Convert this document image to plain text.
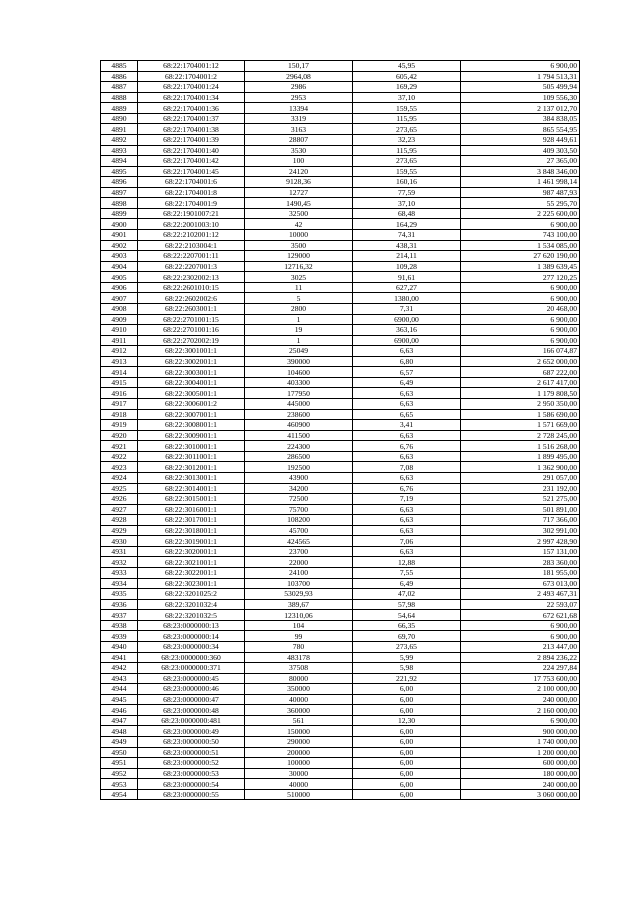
4885	68:22:1704001:12	150,17	45,95	6 900,00
4886	68:22:1704001:2	2964,08	605,42	1 794 513,31
4887	68:22:1704001:24	2986	169,29	505 499,94
4888	68:22:1704001:34	2953	37,10	109 556,30
4889	68:22:1704001:36	13394	159,55	2 137 012,70
4890	68:22:1704001:37	3319	115,95	384 838,05
4891	68:22:1704001:38	3163	273,65	865 554,95
4892	68:22:1704001:39	28807	32,23	928 449,61
4893	68:22:1704001:40	3530	115,95	409 303,50
4894	68:22:1704001:42	100	273,65	27 365,00
4895	68:22:1704001:45	24120	159,55	3 848 346,00
4896	68:22:1704001:6	9128,36	160,16	1 461 998,14
4897	68:22:1704001:8	12727	77,59	987 487,93
4898	68:22:1704001:9	1490,45	37,10	55 295,70
4899	68:22:1901007:21	32500	68,48	2 225 600,00
4900	68:22:2001003:10	42	164,29	6 900,00
4901	68:22:2102001:12	10000	74,31	743 100,00
4902	68:22:2103004:1	3500	438,31	1 534 085,00
4903	68:22:2207001:11	129000	214,11	27 620 190,00
4904	68:22:2207001:3	12716,32	109,28	1 389 639,45
4905	68:22:2302002:13	3025	91,61	277 120,25
4906	68:22:2601010:15	11	627,27	6 900,00
4907	68:22:2602002:6	5	1380,00	6 900,00
4908	68:22:2603001:1	2800	7,31	20 468,00
4909	68:22:2701001:15	1	6900,00	6 900,00
4910	68:22:2701001:16	19	363,16	6 900,00
4911	68:22:2702002:19	1	6900,00	6 900,00
4912	68:22:3001001:1	25049	6,63	166 074,87
4913	68:22:3002001:1	390000	6,80	2 652 000,00
4914	68:22:3003001:1	104600	6,57	687 222,00
4915	68:22:3004001:1	403300	6,49	2 617 417,00
4916	68:22:3005001:1	177950	6,63	1 179 808,50
4917	68:22:3006001:2	445000	6,63	2 950 350,00
4918	68:22:3007001:1	238600	6,65	1 586 690,00
4919	68:22:3008001:1	460900	3,41	1 571 669,00
4920	68:22:3009001:1	411500	6,63	2 728 245,00
4921	68:22:3010001:1	224300	6,76	1 516 268,00
4922	68:22:3011001:1	286500	6,63	1 899 495,00
4923	68:22:3012001:1	192500	7,08	1 362 900,00
4924	68:22:3013001:1	43900	6,63	291 057,00
4925	68:22:3014001:1	34200	6,76	231 192,00
4926	68:22:3015001:1	72500	7,19	521 275,00
4927	68:22:3016001:1	75700	6,63	501 891,00
4928	68:22:3017001:1	108200	6,63	717 366,00
4929	68:22:3018001:1	45700	6,63	302 991,00
4930	68:22:3019001:1	424565	7,06	2 997 428,90
4931	68:22:3020001:1	23700	6,63	157 131,00
4932	68:22:3021001:1	22000	12,88	283 360,00
4933	68:22:3022001:1	24100	7,55	181 955,00
4934	68:22:3023001:1	103700	6,49	673 013,00
4935	68:22:3201025:2	53029,93	47,02	2 493 467,31
4936	68:22:3201032:4	389,67	57,98	22 593,07
4937	68:22:3201032:5	12310,06	54,64	672 621,68
4938	68:23:0000000:13	104	66,35	6 900,00
4939	68:23:0000000:14	99	69,70	6 900,00
4940	68:23:0000000:34	780	273,65	213 447,00
4941	68:23:0000000:360	483178	5,99	2 894 236,22
4942	68:23:0000000:371	37508	5,98	224 297,84
4943	68:23:0000000:45	80000	221,92	17 753 600,00
4944	68:23:0000000:46	350000	6,00	2 100 000,00
4945	68:23:0000000:47	40000	6,00	240 000,00
4946	68:23:0000000:48	360000	6,00	2 160 000,00
4947	68:23:0000000:481	561	12,30	6 900,00
4948	68:23:0000000:49	150000	6,00	900 000,00
4949	68:23:0000000:50	290000	6,00	1 740 000,00
4950	68:23:0000000:51	200000	6,00	1 200 000,00
4951	68:23:0000000:52	100000	6,00	600 000,00
4952	68:23:0000000:53	30000	6,00	180 000,00
4953	68:23:0000000:54	40000	6,00	240 000,00
4954	68:23:0000000:55	510000	6,00	3 060 000,00
